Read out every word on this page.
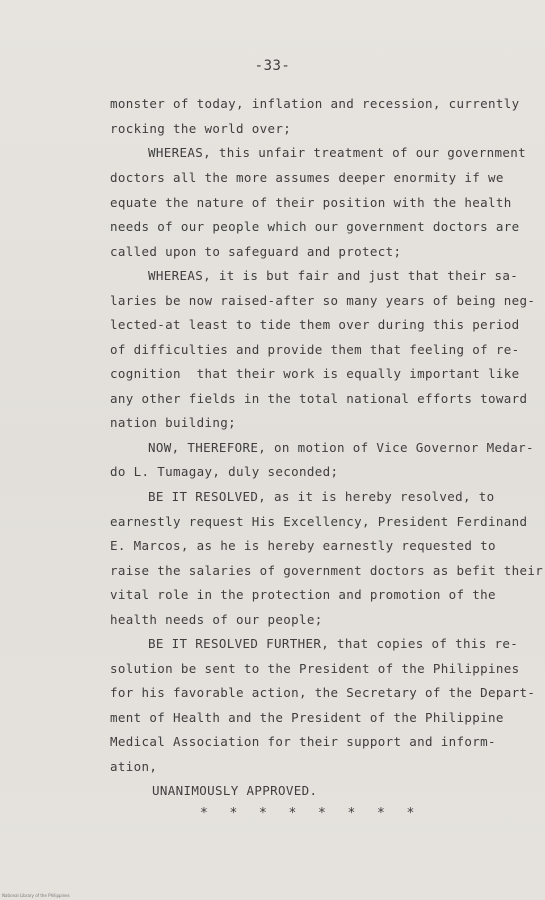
-33-
monster of today, inflation and recession, currently
rocking the world over;
WHEREAS, this unfair treatment of our government
doctors all the more assumes deeper enormity if we
equate the nature of their position with the health
needs of our people which our government doctors are
called upon to safeguard and protect;
WHEREAS, it is but fair and just that their sa-
laries be now raised-after so many years of being neg-
lected-at least to tide them over during this period
of difficulties and provide them that feeling of re-
cognition  that their work is equally important like
any other fields in the total national efforts toward
nation building;
NOW, THEREFORE, on motion of Vice Governor Medar-
do L. Tumagay, duly seconded;
BE IT RESOLVED, as it is hereby resolved, to
earnestly request His Excellency, President Ferdinand
E. Marcos, as he is hereby earnestly requested to
raise the salaries of government doctors as befit their
vital role in the protection and promotion of the
health needs of our people;
BE IT RESOLVED FURTHER, that copies of this re-
solution be sent to the President of the Philippines
for his favorable action, the Secretary of the Depart-
ment of Health and the President of the Philippine
Medical Association for their support and inform-
ation,
UNANIMOUSLY APPROVED.
* * * * * * * *
National Library of the Philippines
